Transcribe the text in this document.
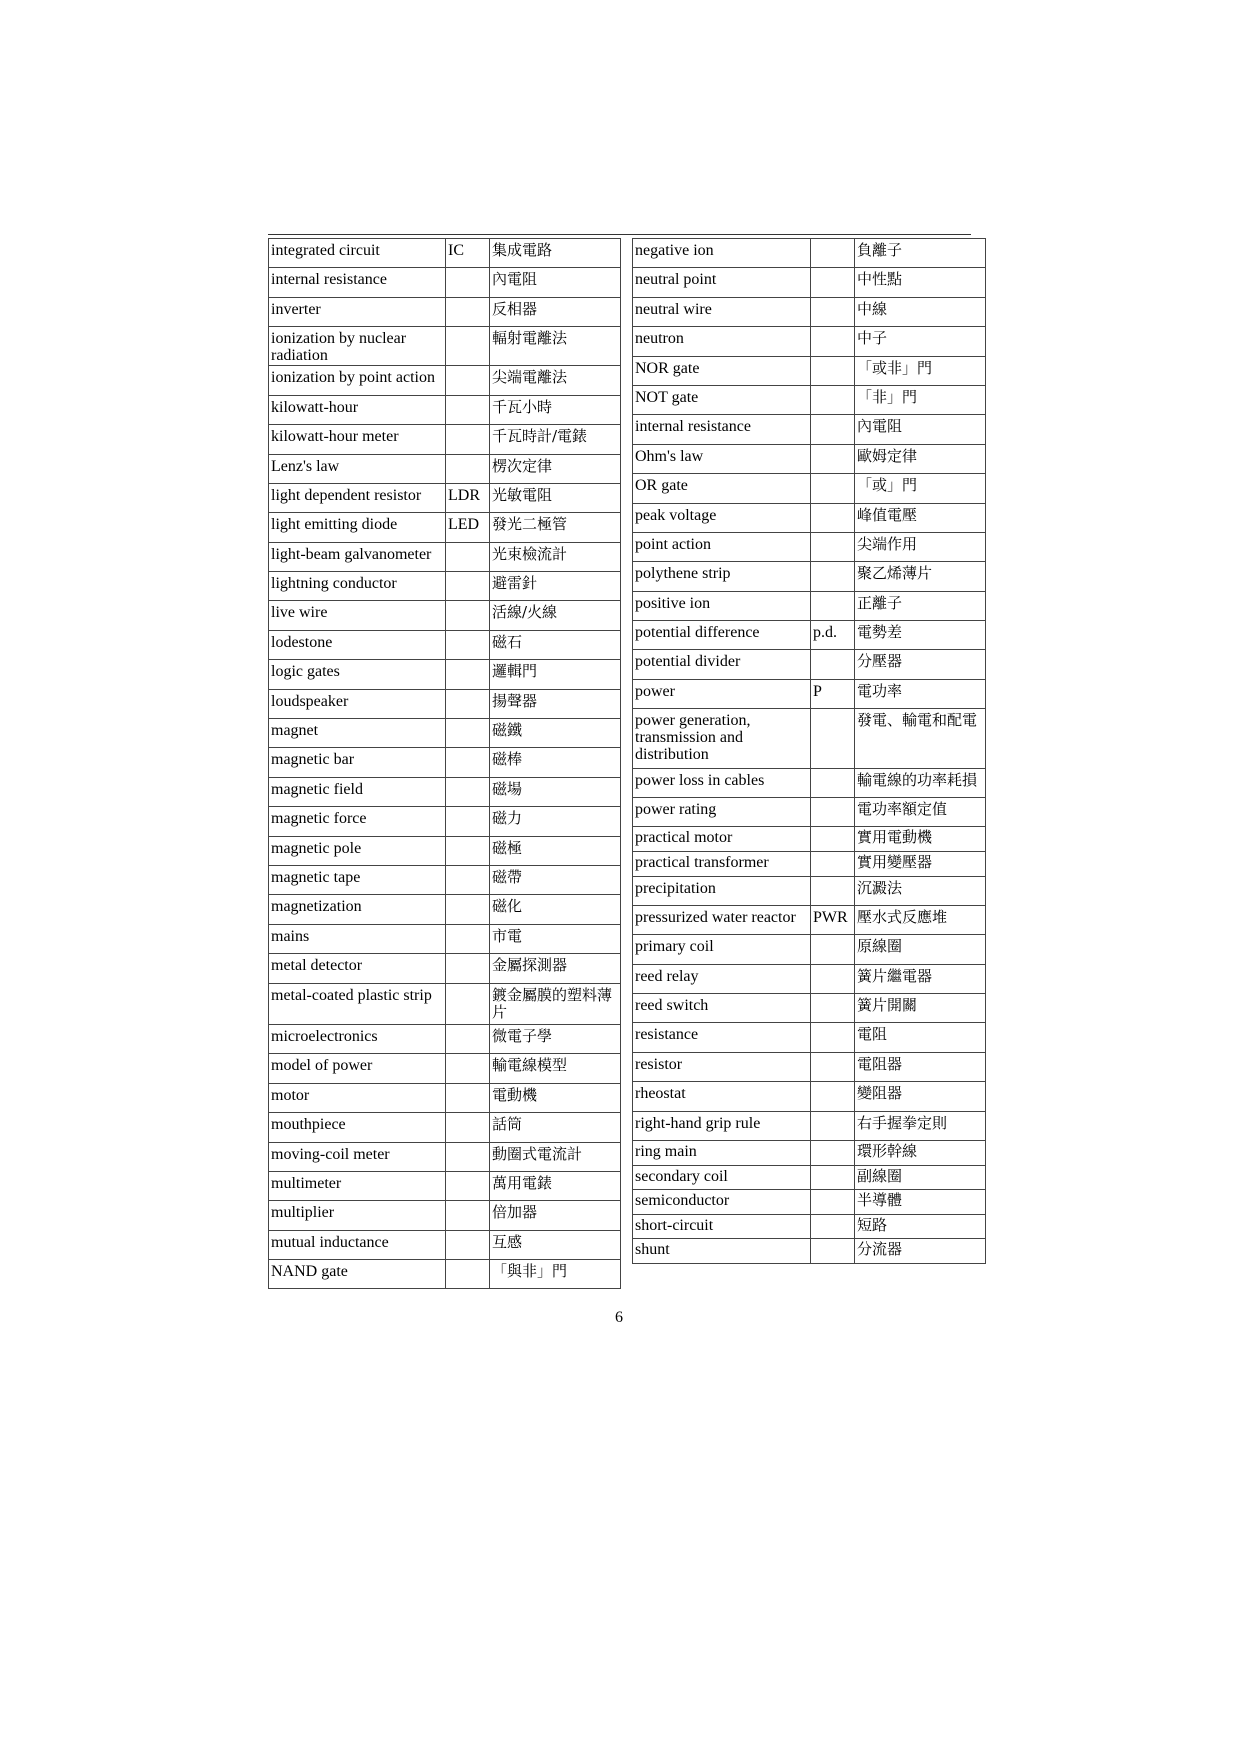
integrated circuit	IC	集成電路
internal resistance		內電阻
inverter		反相器
ionization by nuclear radiation		輻射電離法
ionization by point action		尖端電離法
kilowatt-hour		千瓦小時
kilowatt-hour meter		千瓦時計/電錶
Lenz's law		楞次定律
light dependent resistor	LDR	光敏電阻
light emitting diode	LED	發光二極管
light-beam galvanometer		光束檢流計
lightning conductor		避雷針
live wire		活線/火線
lodestone		磁石
logic gates		邏輯門
loudspeaker		揚聲器
magnet		磁鐵
magnetic bar		磁棒
magnetic field		磁場
magnetic force		磁力
magnetic pole		磁極
magnetic tape		磁帶
magnetization		磁化
mains		市電
metal detector		金屬探測器
metal-coated plastic strip		鍍金屬膜的塑料薄片
microelectronics		微電子學
model of power		輸電線模型
motor		電動機
mouthpiece		話筒
moving-coil meter		動圈式電流計
multimeter		萬用電錶
multiplier		倍加器
mutual inductance		互感
NAND gate		「與非」門
negative ion		負離子
neutral point		中性點
neutral wire		中線
neutron		中子
NOR gate		「或非」門
NOT gate		「非」門
internal resistance		內電阻
Ohm's law		歐姆定律
OR gate		「或」門
peak voltage		峰值電壓
point action		尖端作用
polythene strip		聚乙烯薄片
positive ion		正離子
potential difference	p.d.	電勢差
potential divider		分壓器
power	P	電功率
power generation, transmission and distribution		發電、輸電和配電
power loss in cables		輸電線的功率耗損
power rating		電功率額定值
practical motor		實用電動機
practical transformer		實用變壓器
precipitation		沉澱法
pressurized water reactor	PWR	壓水式反應堆
primary coil		原線圈
reed relay		簧片繼電器
reed switch		簧片開關
resistance		電阻
resistor		電阻器
rheostat		變阻器
right-hand grip rule		右手握拳定則
ring main		環形幹線
secondary coil		副線圈
semiconductor		半導體
short-circuit		短路
shunt		分流器
6
